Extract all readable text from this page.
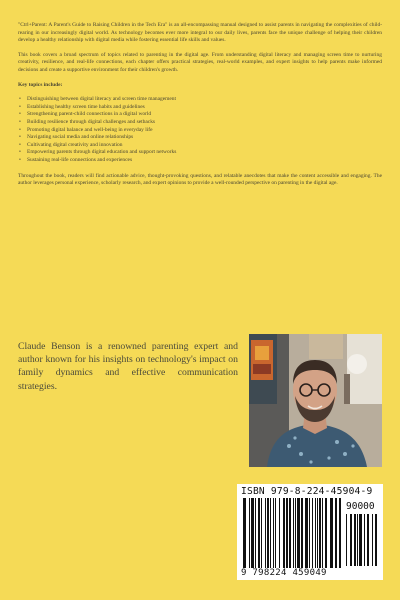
"Ctrl+Parent: A Parent's Guide to Raising Children in the Tech Era" is an all-encompassing manual designed to assist parents in navigating the complexities of child-rearing in our increasingly digital world. As technology becomes ever more integral to our daily lives, parents face the unique challenge of helping their children develop a healthy relationship with digital media while fostering essential life skills and values.

This book covers a broad spectrum of topics related to parenting in the digital age. From understanding digital literacy and managing screen time to nurturing creativity, resilience, and real-life connections, each chapter offers practical strategies, real-world examples, and expert insights to help parents make informed decisions and create a supportive environment for their children's growth.

Key topics include:

• Distinguishing between digital literacy and screen time management
• Establishing healthy screen time habits and guidelines
• Strengthening parent-child connections in a digital world
• Building resilience through digital challenges and setbacks
• Promoting digital balance and well-being in everyday life
• Navigating social media and online relationships
• Cultivating digital creativity and innovation
• Empowering parents through digital education and support networks
• Sustaining real-life connections and experiences

Throughout the book, readers will find actionable advice, thought-provoking questions, and relatable anecdotes that make the content accessible and engaging. The author leverages personal experience, scholarly research, and expert opinions to provide a well-rounded perspective on parenting in the digital age.

Claude Benson is a renowned parenting expert and author known for his insights on technology's impact on family dynamics and effective communication strategies.
ISBN 979-8-224-45904-9
90000
9 798224 459049
